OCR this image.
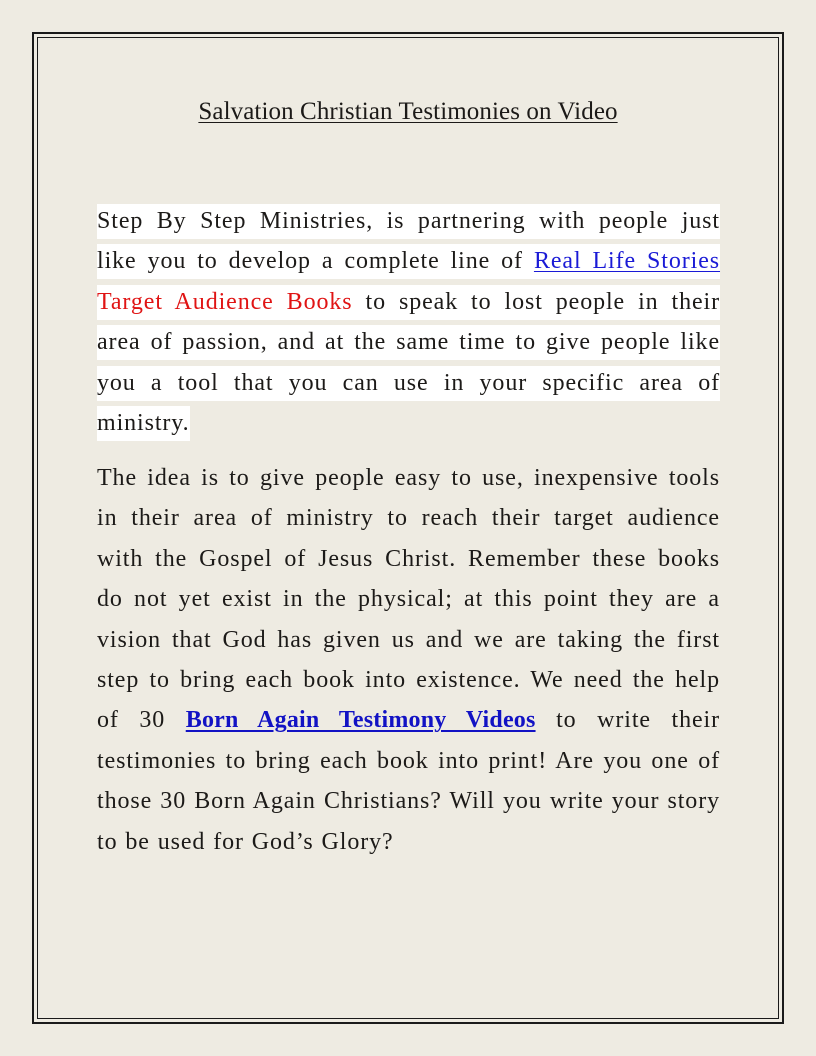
Salvation Christian Testimonies on Video
Step By Step Ministries, is partnering with people just like you to develop a complete line of Real Life Stories Target Audience Books to speak to lost people in their area of passion, and at the same time to give people like you a tool that you can use in your specific area of ministry.
The idea is to give people easy to use, inexpensive tools in their area of ministry to reach their target audience with the Gospel of Jesus Christ. Remember these books do not yet exist in the physical; at this point they are a vision that God has given us and we are taking the first step to bring each book into existence. We need the help of 30 Born Again Testimony Videos to write their testimonies to bring each book into print! Are you one of those 30 Born Again Christians? Will you write your story to be used for God’s Glory?
